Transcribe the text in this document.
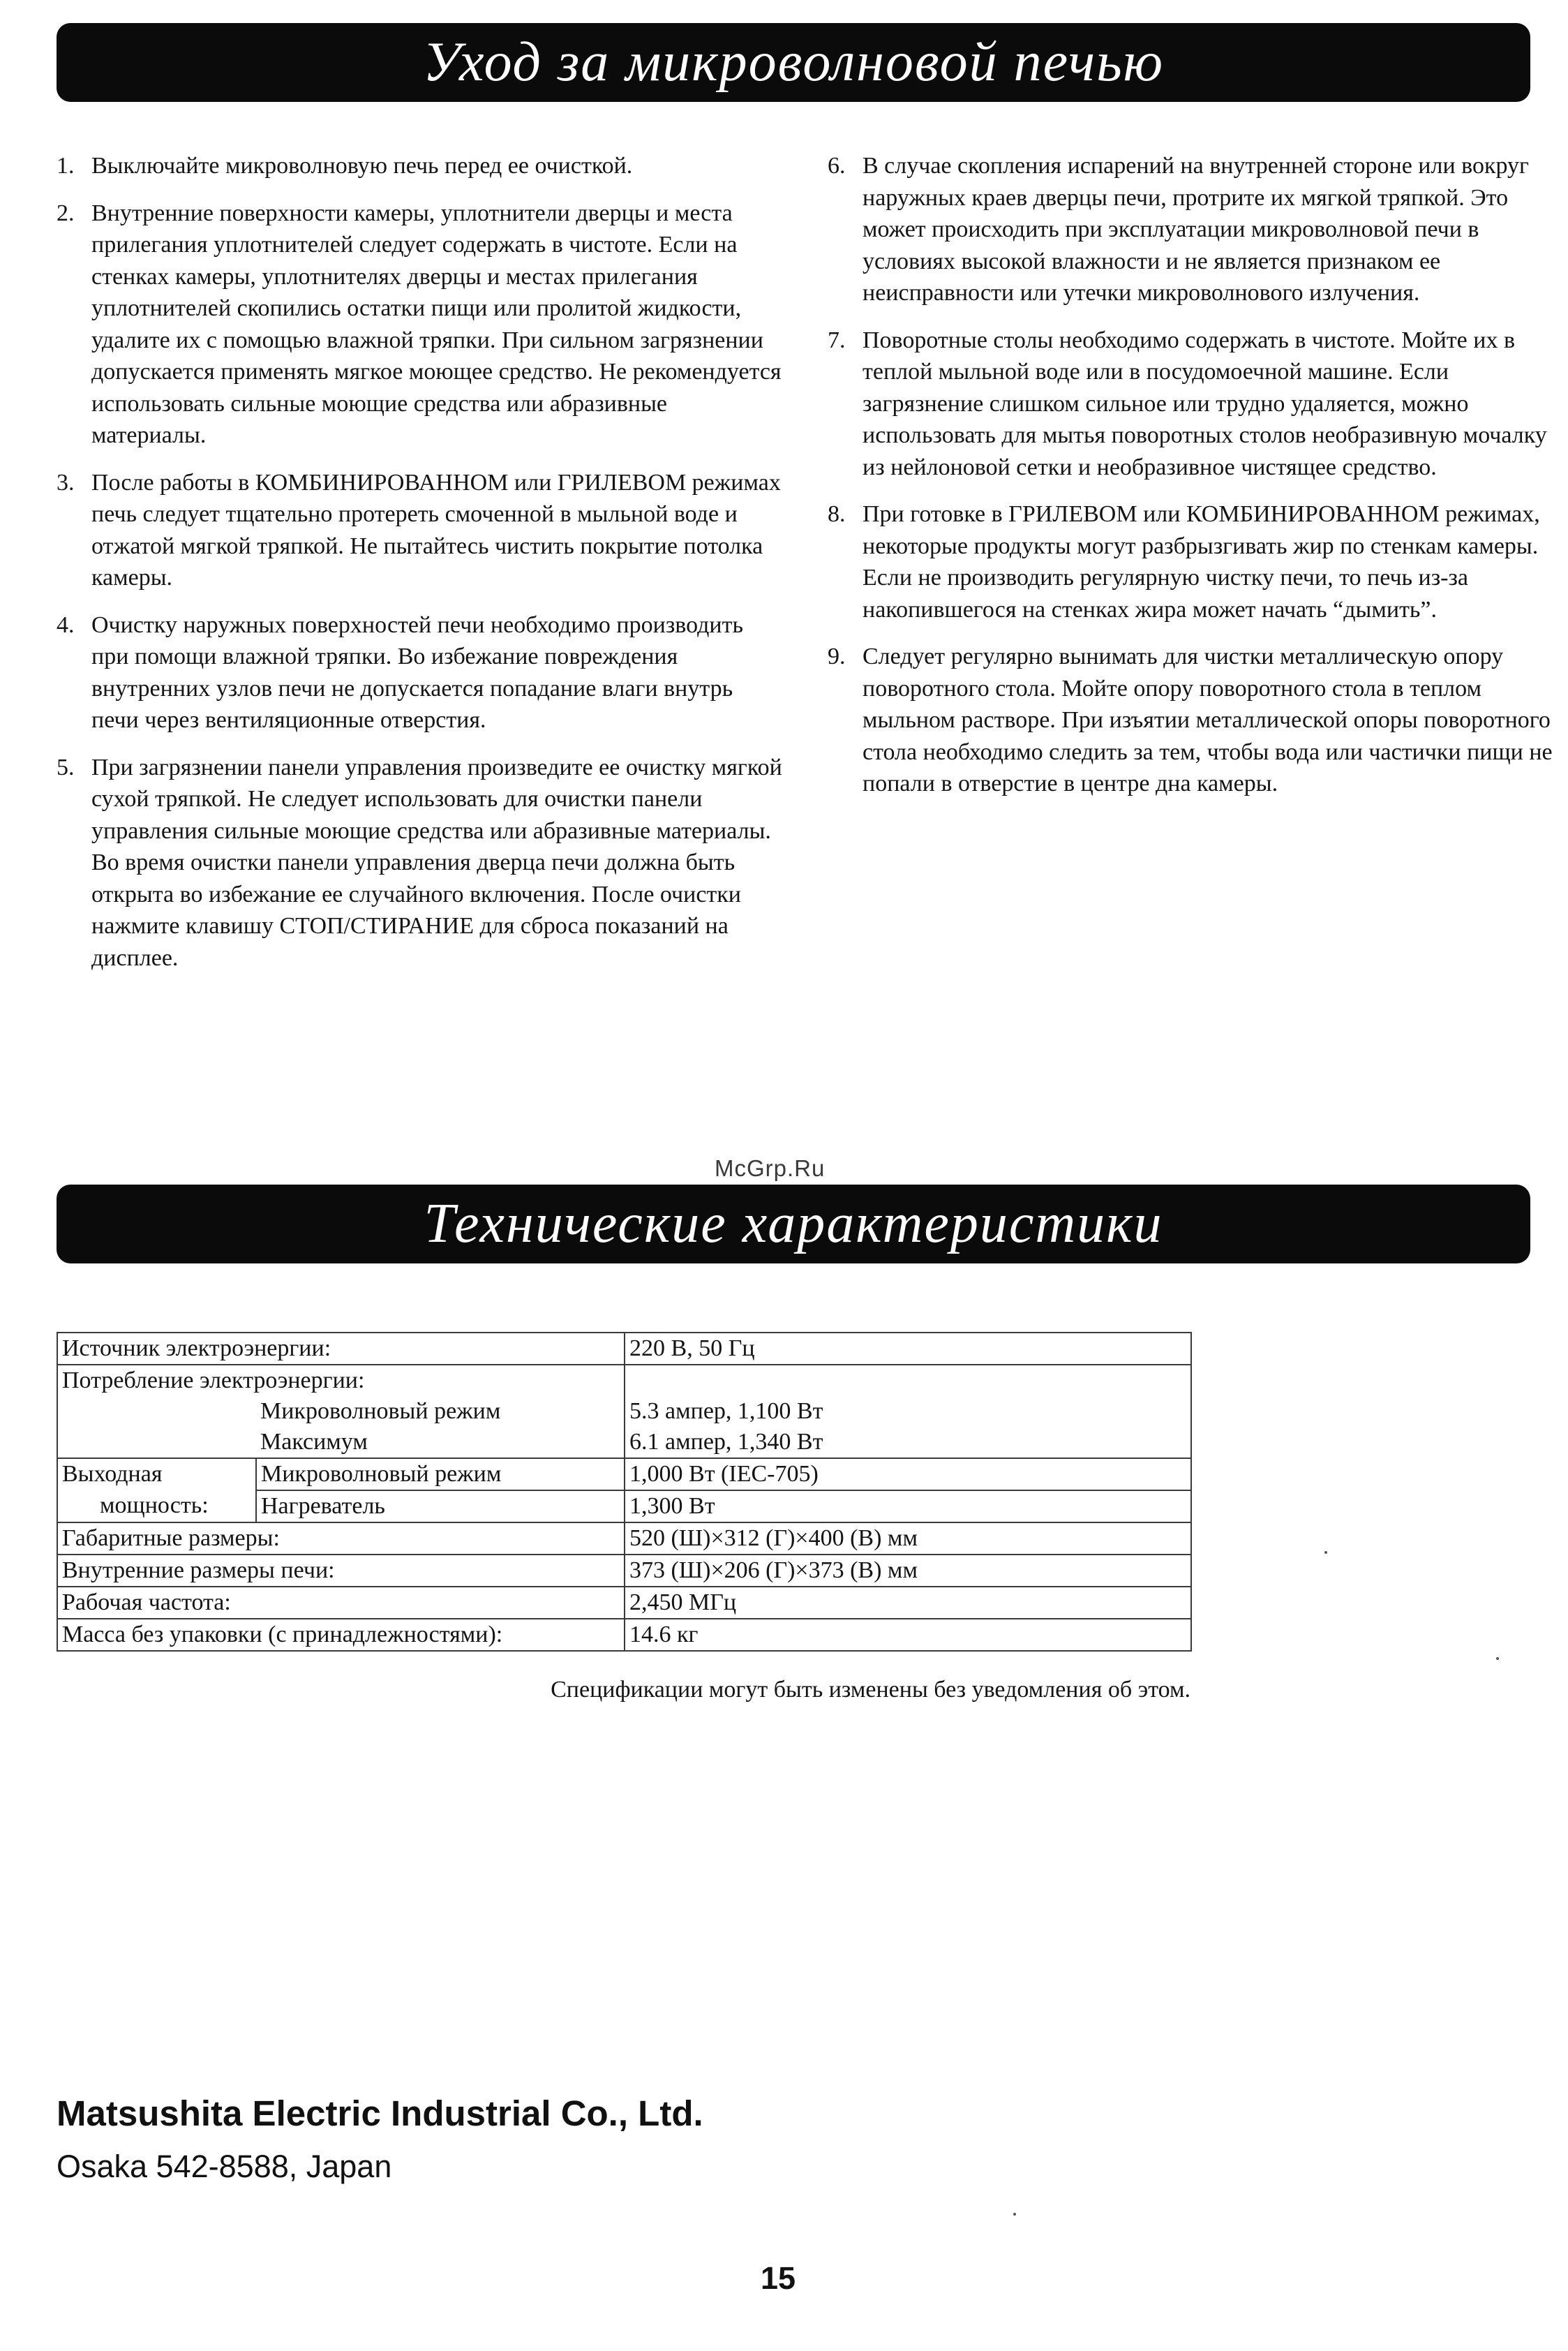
Уход за микроволновой печью
1. Выключайте микроволновую печь перед ее очисткой.
2. Внутренние поверхности камеры, уплотнители дверцы и места прилегания уплотнителей следует содержать в чистоте. Если на стенках камеры, уплотнителях дверцы и местах прилегания уплотнителей скопились остатки пищи или пролитой жидкости, удалите их с помощью влажной тряпки. При сильном загрязнении допускается применять мягкое моющее средство. Не рекомендуется использовать сильные моющие средства или абразивные материалы.
3. После работы в КОМБИНИРОВАННОМ или ГРИЛЕВОМ режимах печь следует тщательно протереть смоченной в мыльной воде и отжатой мягкой тряпкой. Не пытайтесь чистить покрытие потолка камеры.
4. Очистку наружных поверхностей печи необходимо производить при помощи влажной тряпки. Во избежание повреждения внутренних узлов печи не допускается попадание влаги внутрь печи через вентиляционные отверстия.
5. При загрязнении панели управления произведите ее очистку мягкой сухой тряпкой. Не следует использовать для очистки панели управления сильные моющие средства или абразивные материалы. Во время очистки панели управления дверца печи должна быть открыта во избежание ее случайного включения. После очистки нажмите клавишу СТОП/СТИРАНИЕ для сброса показаний на дисплее.
6. В случае скопления испарений на внутренней стороне или вокруг наружных краев дверцы печи, протрите их мягкой тряпкой. Это может происходить при эксплуатации микроволновой печи в условиях высокой влажности и не является признаком ее неисправности или утечки микроволнового излучения.
7. Поворотные столы необходимо содержать в чистоте. Мойте их в теплой мыльной воде или в посудомоечной машине. Если загрязнение слишком сильное или трудно удаляется, можно использовать для мытья поворотных столов необразивную мочалку из нейлоновой сетки и необразивное чистящее средство.
8. При готовке в ГРИЛЕВОМ или КОМБИНИРОВАННОМ режимах, некоторые продукты могут разбрызгивать жир по стенкам камеры. Если не производить регулярную чистку печи, то печь из-за накопившегося на стенках жира может начать “дымить”.
9. Следует регулярно вынимать для чистки металлическую опору поворотного стола. Мойте опору поворотного стола в теплом мыльном растворе. При изъятии металлической опоры поворотного стола необходимо следить за тем, чтобы вода или частички пищи не попали в отверстие в центре дна камеры.
McGrp.Ru
Технические характеристики
Источник электроэнергии:		220 В, 50 Гц
Потребление электроэнергии:		
	Микроволновый режим	5.3 ампер, 1,100 Вт
	Максимум	6.1 ампер, 1,340 Вт
Выходная	Микроволновый режим	1,000 Вт (IEC-705)
мощность:	Нагреватель	1,300 Вт
Габаритные размеры:		520 (Ш)×312 (Г)×400 (В) мм
Внутренние размеры печи:		373 (Ш)×206 (Г)×373 (В) мм
Рабочая частота:		2,450 МГц
Масса без упаковки (с принадлежностями):		14.6 кг
Спецификации могут быть изменены без уведомления об этом.
Matsushita Electric Industrial Co., Ltd.
Osaka 542-8588, Japan
15
